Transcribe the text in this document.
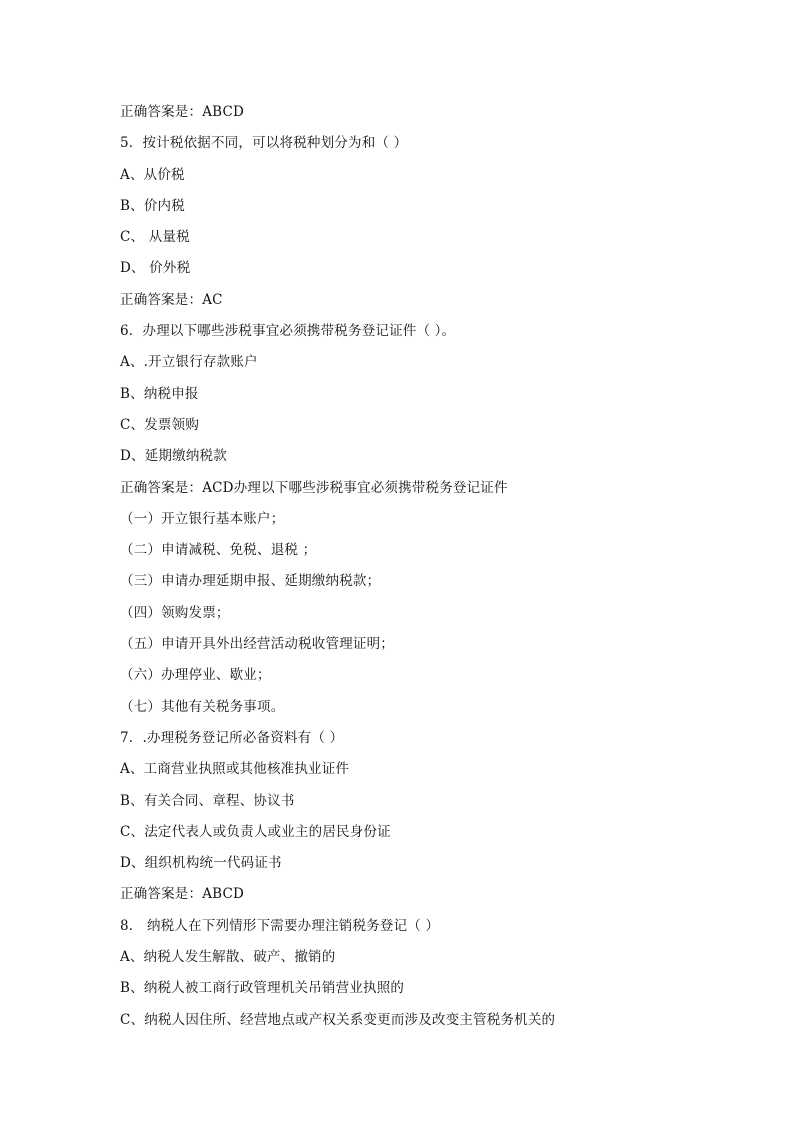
正确答案是：ABCD
5．按计税依据不同，可以将税种划分为和（ ）
A、从价税
B、价内税
C、 从量税
D、 价外税
正确答案是：AC
6．办理以下哪些涉税事宜必须携带税务登记证件（ ）。
A、.开立银行存款账户
B、纳税申报
C、发票领购
D、延期缴纳税款
正确答案是：ACD办理以下哪些涉税事宜必须携带税务登记证件
（一）开立银行基本账户；
（二）申请减税、免税、退税 ；
（三）申请办理延期申报、延期缴纳税款；
（四）领购发票；
（五）申请开具外出经营活动税收管理证明；
（六）办理停业、歇业；
（七）其他有关税务事项。
7．.办理税务登记所必备资料有（ ）
A、工商营业执照或其他核准执业证件
B、有关合同、章程、协议书
C、法定代表人或负责人或业主的居民身份证
D、组织机构统一代码证书
正确答案是：ABCD
8． 纳税人在下列情形下需要办理注销税务登记（ ）
A、纳税人发生解散、破产、撤销的
B、纳税人被工商行政管理机关吊销营业执照的
C、纳税人因住所、经营地点或产权关系变更而涉及改变主管税务机关的
